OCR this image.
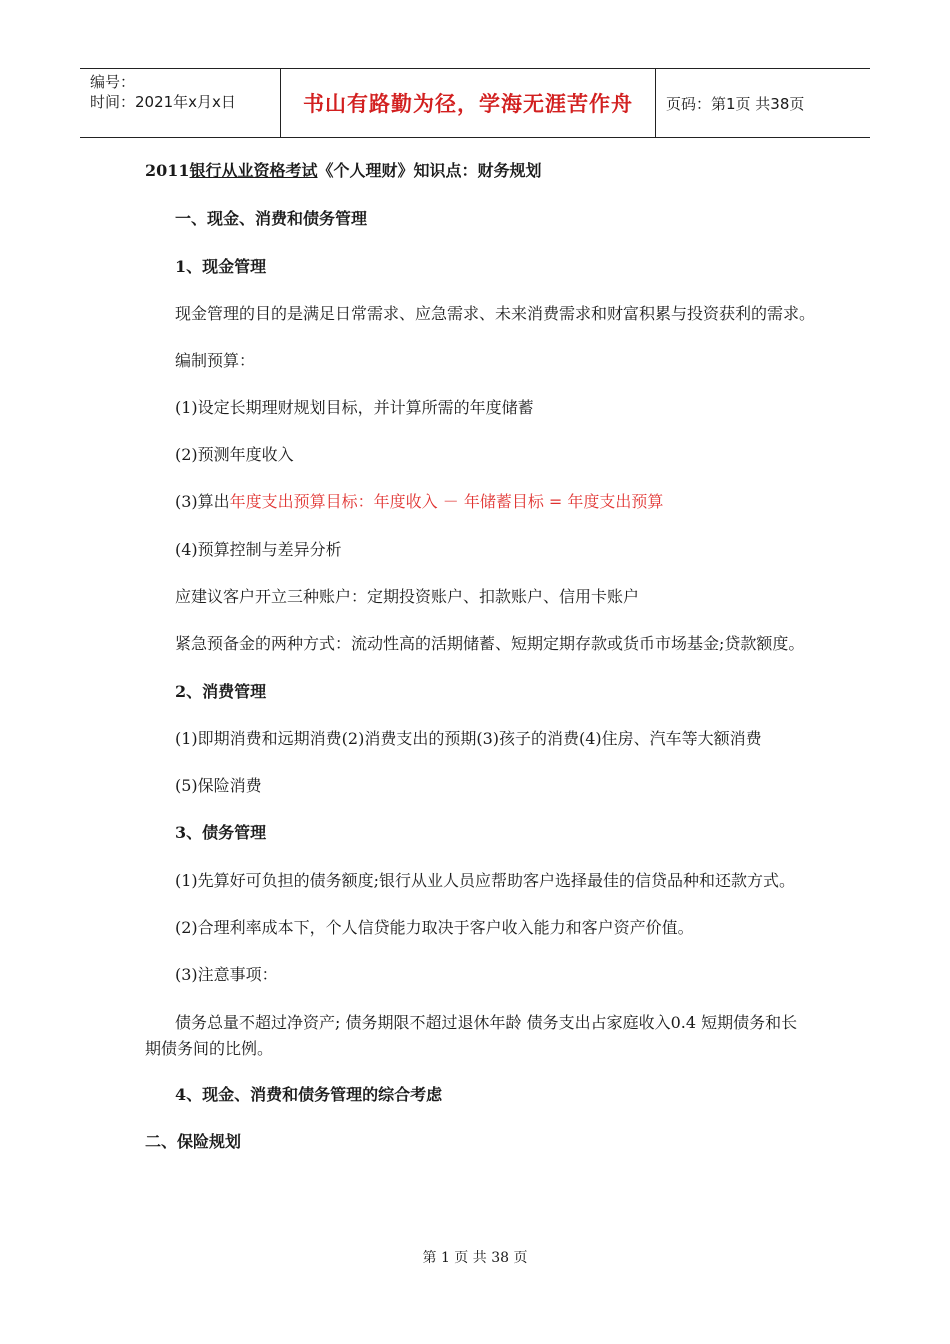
编号：
时间：2021年x月x日	书山有路勤为径，学海无涯苦作舟	页码：第1页 共38页
2011银行从业资格考试《个人理财》知识点：财务规划
一、现金、消费和债务管理
1、现金管理
现金管理的目的是满足日常需求、应急需求、未来消费需求和财富积累与投资获利的需求。
编制预算：
(1)设定长期理财规划目标，并计算所需的年度储蓄
(2)预测年度收入
(3)算出年度支出预算目标：年度收入 － 年储蓄目标 = 年度支出预算
(4)预算控制与差异分析
应建议客户开立三种账户：定期投资账户、扣款账户、信用卡账户
紧急预备金的两种方式：流动性高的活期储蓄、短期定期存款或货币市场基金;贷款额度。
2、消费管理
(1)即期消费和远期消费(2)消费支出的预期(3)孩子的消费(4)住房、汽车等大额消费
(5)保险消费
3、债务管理
(1)先算好可负担的债务额度;银行从业人员应帮助客户选择最佳的信贷品种和还款方式。
(2)合理利率成本下，个人信贷能力取决于客户收入能力和客户资产价值。
(3)注意事项：
债务总量不超过净资产; 债务期限不超过退休年龄 债务支出占家庭收入0.4 短期债务和长
期债务间的比例。
4、现金、消费和债务管理的综合考虑
二、保险规划
第 1 页 共 38 页
